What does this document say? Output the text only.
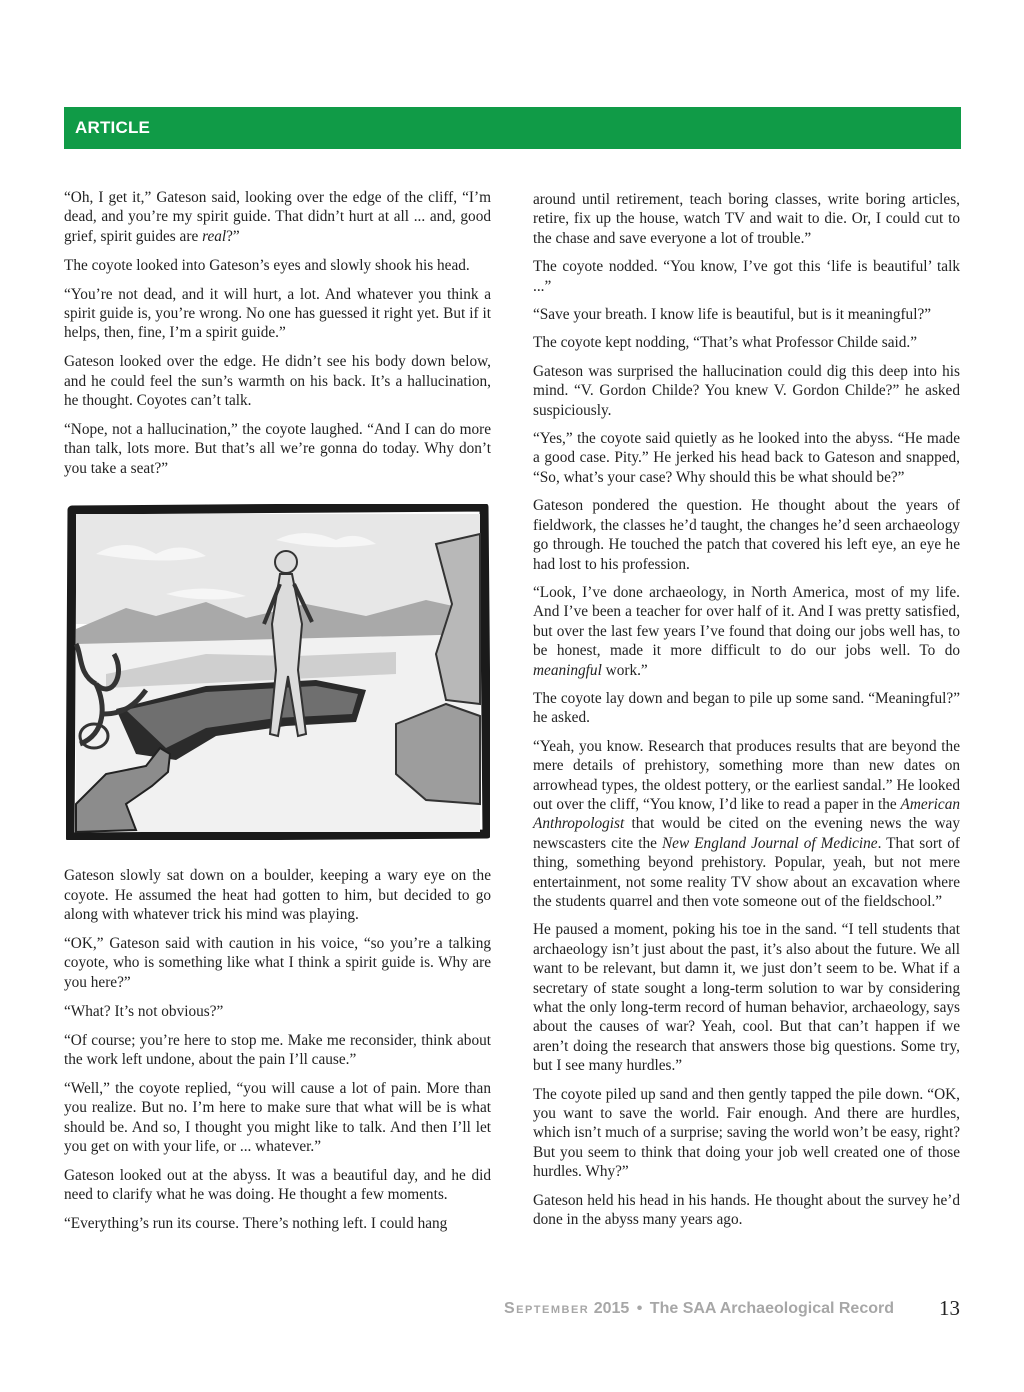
ARTICLE

“Oh, I get it,” Gateson said, looking over the edge of the cliff, “I’m dead, and you’re my spirit guide. That didn’t hurt at all ... and, good grief, spirit guides are real?”

The coyote looked into Gateson’s eyes and slowly shook his head.

“You’re not dead, and it will hurt, a lot. And whatever you think a spirit guide is, you’re wrong. No one has guessed it right yet. But if it helps, then, fine, I’m a spirit guide.”

Gateson looked over the edge. He didn’t see his body down below, and he could feel the sun’s warmth on his back. It’s a hallucination, he thought. Coyotes can’t talk.

“Nope, not a hallucination,” the coyote laughed. “And I can do more than talk, lots more. But that’s all we’re gonna do today. Why don’t you take a seat?”

Gateson slowly sat down on a boulder, keeping a wary eye on the coyote. He assumed the heat had gotten to him, but decided to go along with whatever trick his mind was playing.

“OK,” Gateson said with caution in his voice, “so you’re a talking coyote, who is something like what I think a spirit guide is. Why are you here?”

“What? It’s not obvious?”

“Of course; you’re here to stop me. Make me reconsider, think about the work left undone, about the pain I’ll cause.”

“Well,” the coyote replied, “you will cause a lot of pain. More than you realize. But no. I’m here to make sure that what will be is what should be. And so, I thought you might like to talk. And then I’ll let you get on with your life, or ... whatever.”

Gateson looked out at the abyss. It was a beautiful day, and he did need to clarify what he was doing. He thought a few moments.

“Everything’s run its course. There’s nothing left. I could hang

around until retirement, teach boring classes, write boring articles, retire, fix up the house, watch TV and wait to die. Or, I could cut to the chase and save everyone a lot of trouble.”

The coyote nodded. “You know, I’ve got this ‘life is beautiful’ talk ...”

“Save your breath. I know life is beautiful, but is it meaningful?”

The coyote kept nodding, “That’s what Professor Childe said.”

Gateson was surprised the hallucination could dig this deep into his mind. “V. Gordon Childe? You knew V. Gordon Childe?” he asked suspiciously.

“Yes,” the coyote said quietly as he looked into the abyss. “He made a good case. Pity.” He jerked his head back to Gateson and snapped, “So, what’s your case? Why should this be what should be?”

Gateson pondered the question. He thought about the years of fieldwork, the classes he’d taught, the changes he’d seen archaeology go through. He touched the patch that covered his left eye, an eye he had lost to his profession.

“Look, I’ve done archaeology, in North America, most of my life. And I’ve been a teacher for over half of it. And I was pretty satisfied, but over the last few years I’ve found that doing our jobs well has, to be honest, made it more difficult to do our jobs well. To do meaningful work.”

The coyote lay down and began to pile up some sand. “Meaningful?” he asked.

“Yeah, you know. Research that produces results that are beyond the mere details of prehistory, something more than new dates on arrowhead types, the oldest pottery, or the earliest sandal.” He looked out over the cliff, “You know, I’d like to read a paper in the American Anthropologist that would be cited on the evening news the way newscasters cite the New England Journal of Medicine. That sort of thing, something beyond prehistory. Popular, yeah, but not mere entertainment, not some reality TV show about an excavation where the students quarrel and then vote someone out of the fieldschool.”

He paused a moment, poking his toe in the sand. “I tell students that archaeology isn’t just about the past, it’s also about the future. We all want to be relevant, but damn it, we just don’t seem to be. What if a secretary of state sought a long-term solution to war by considering what the only long-term record of human behavior, archaeology, says about the causes of war? Yeah, cool. But that can’t happen if we aren’t doing the research that answers those big questions. Some try, but I see many hurdles.”

The coyote piled up sand and then gently tapped the pile down. “OK, you want to save the world. Fair enough. And there are hurdles, which isn’t much of a surprise; saving the world won’t be easy, right? But you seem to think that doing your job well created one of those hurdles. Why?”

Gateson held his head in his hands. He thought about the survey he’d done in the abyss many years ago.

September 2015 • The SAA Archaeological Record 13
